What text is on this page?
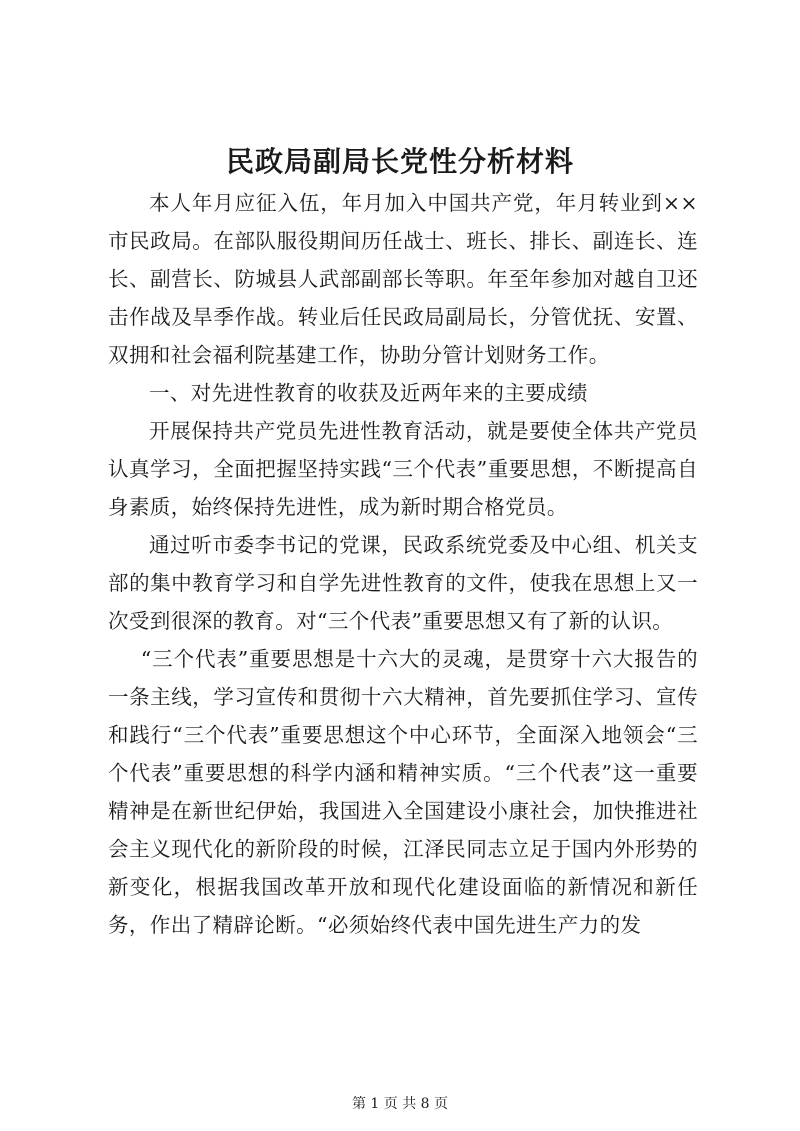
民政局副局长党性分析材料

本人年月应征入伍，年月加入中国共产党，年月转业到××市民政局。在部队服役期间历任战士、班长、排长、副连长、连长、副营长、防城县人武部副部长等职。年至年参加对越自卫还击作战及旱季作战。转业后任民政局副局长，分管优抚、安置、双拥和社会福利院基建工作，协助分管计划财务工作。

一、对先进性教育的收获及近两年来的主要成绩

开展保持共产党员先进性教育活动，就是要使全体共产党员认真学习，全面把握坚持实践“三个代表”重要思想，不断提高自身素质，始终保持先进性，成为新时期合格党员。

通过听市委李书记的党课，民政系统党委及中心组、机关支部的集中教育学习和自学先进性教育的文件，使我在思想上又一次受到很深的教育。对“三个代表”重要思想又有了新的认识。

“三个代表”重要思想是十六大的灵魂，是贯穿十六大报告的一条主线，学习宣传和贯彻十六大精神，首先要抓住学习、宣传和践行“三个代表”重要思想这个中心环节，全面深入地领会“三个代表”重要思想的科学内涵和精神实质。“三个代表”这一重要精神是在新世纪伊始，我国进入全国建设小康社会，加快推进社会主义现代化的新阶段的时候，江泽民同志立足于国内外形势的新变化，根据我国改革开放和现代化建设面临的新情况和新任务，作出了精辟论断。“必须始终代表中国先进生产力的发

第 1 页 共 8 页
